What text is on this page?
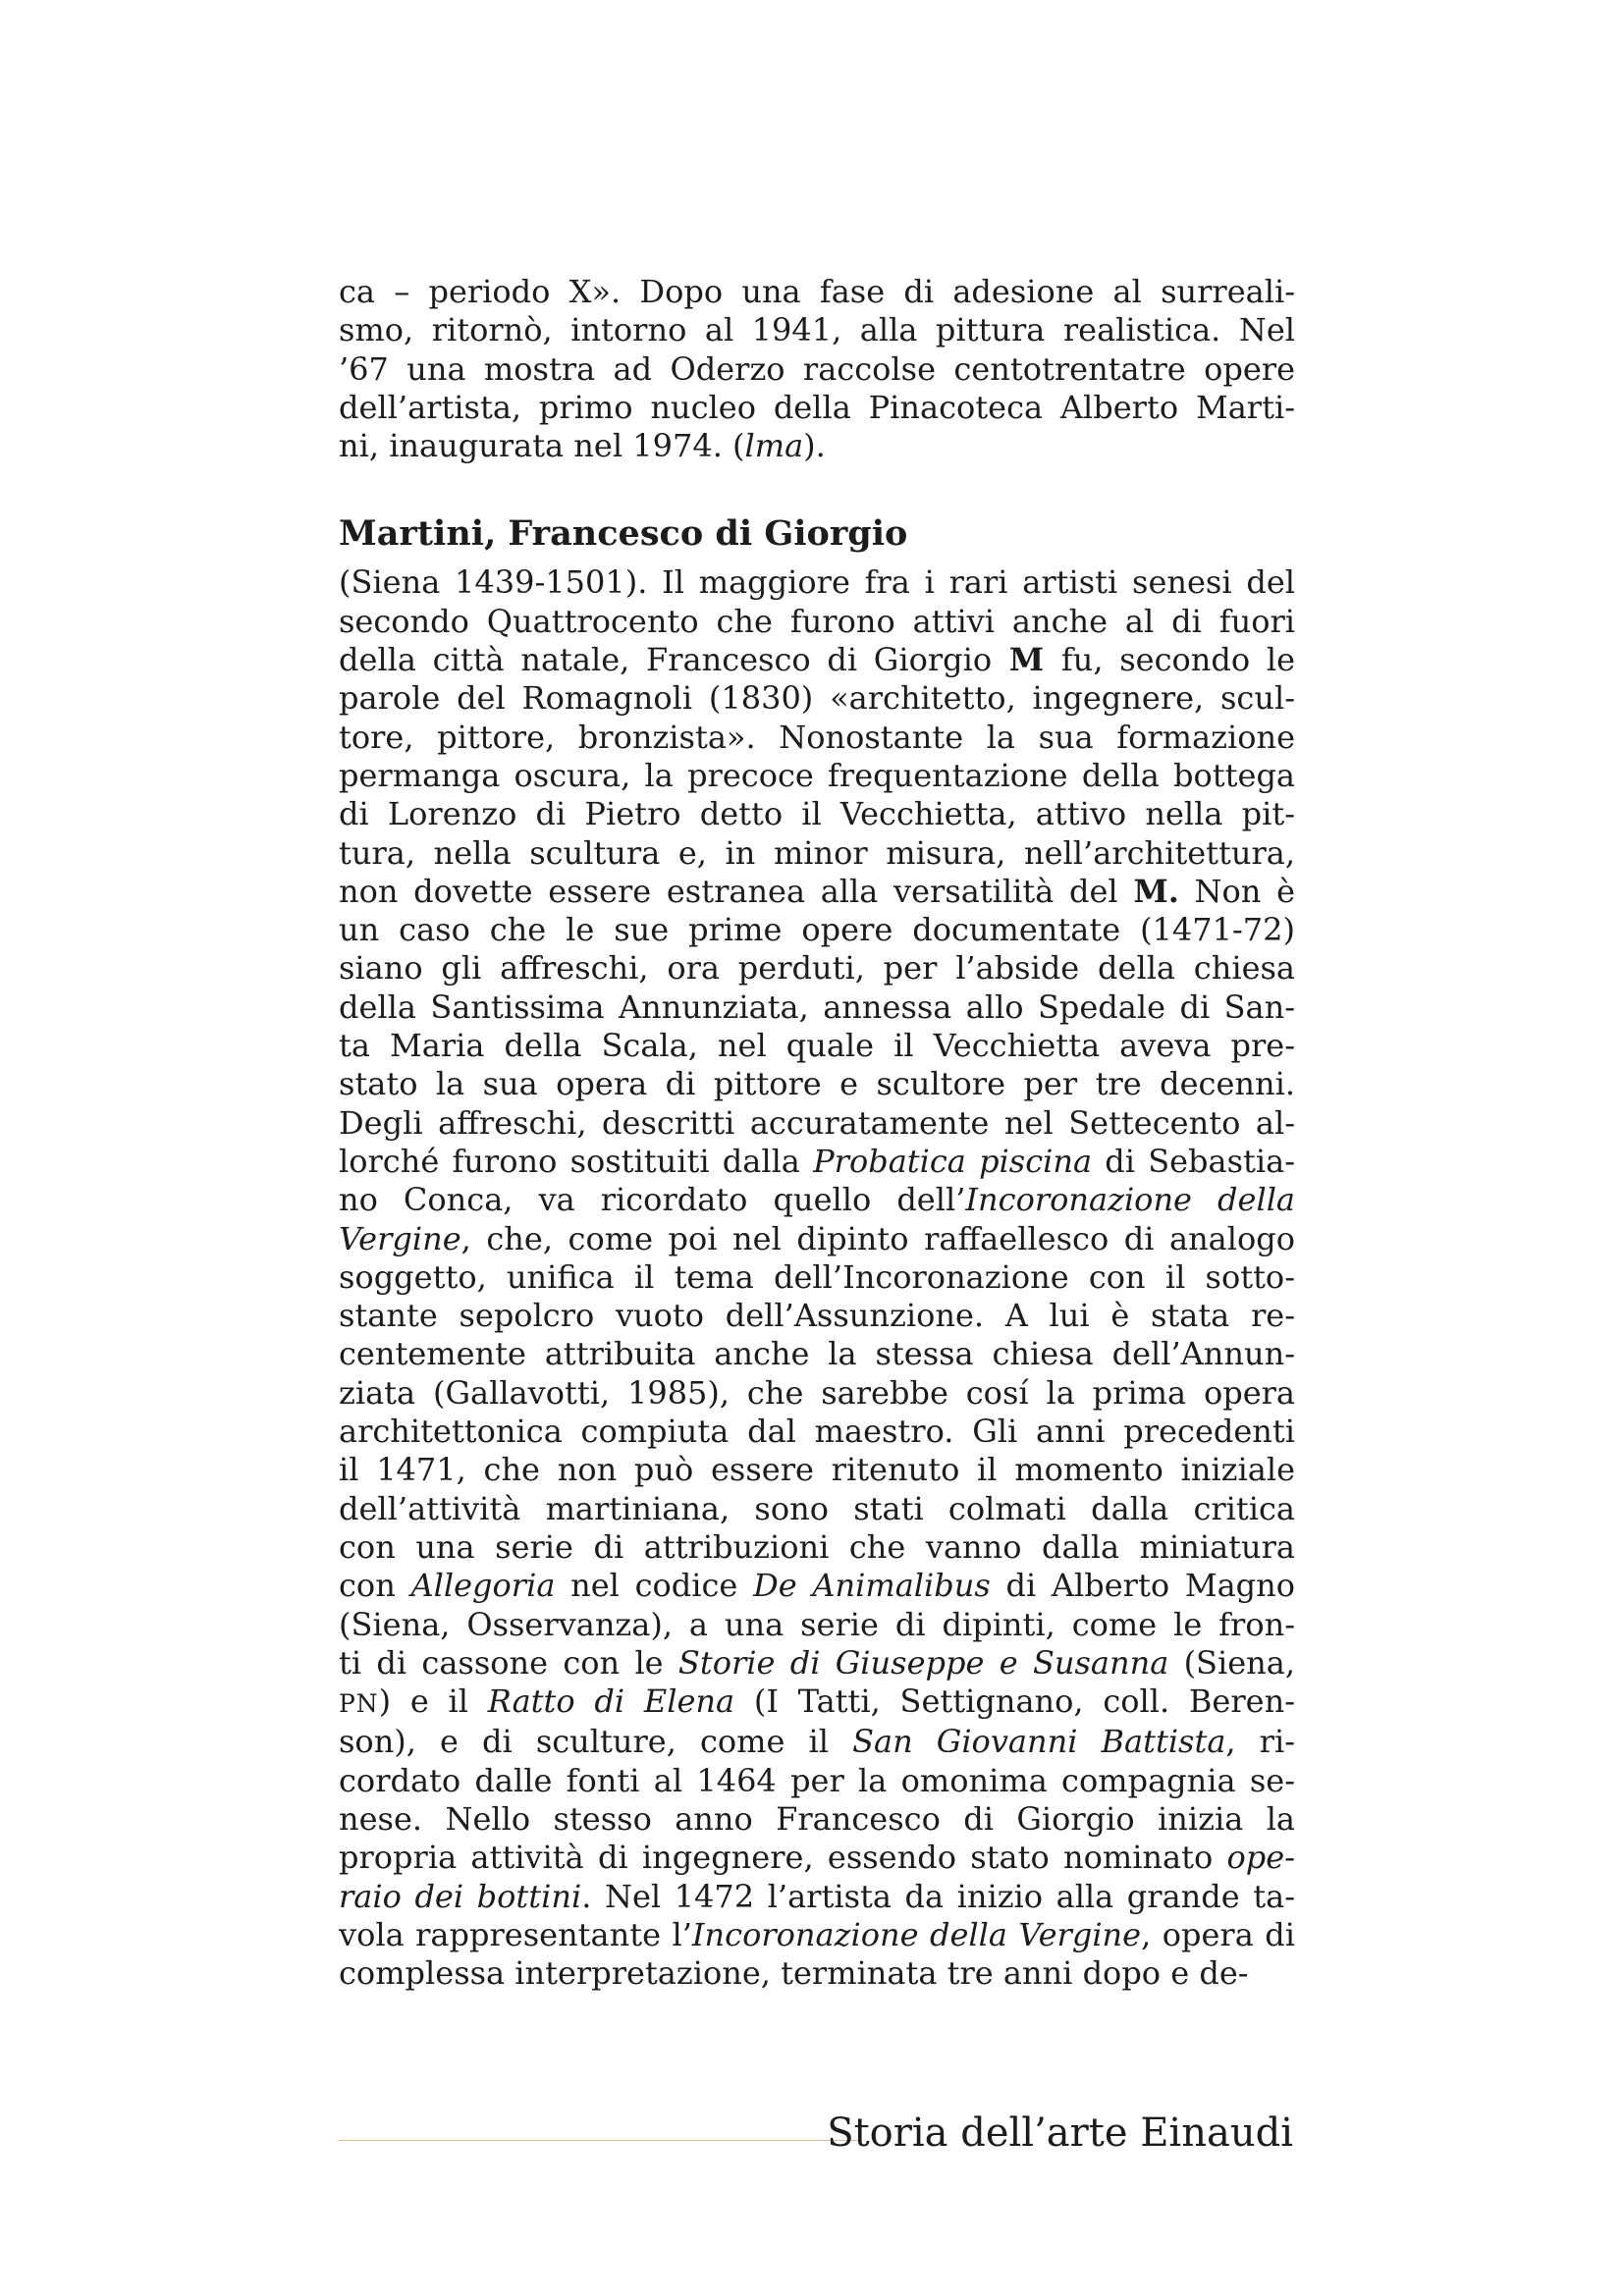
ca – periodo X». Dopo una fase di adesione al surreali-
smo, ritornò, intorno al 1941, alla pittura realistica. Nel
’67 una mostra ad Oderzo raccolse centotrentatre opere
dell’artista, primo nucleo della Pinacoteca Alberto Marti-
ni, inaugurata nel 1974. (lma).
Martini, Francesco di Giorgio
(Siena 1439-1501). Il maggiore fra i rari artisti senesi del
secondo Quattrocento che furono attivi anche al di fuori
della città natale, Francesco di Giorgio M fu, secondo le
parole del Romagnoli (1830) «architetto, ingegnere, scul-
tore, pittore, bronzista». Nonostante la sua formazione
permanga oscura, la precoce frequentazione della bottega
di Lorenzo di Pietro detto il Vecchietta, attivo nella pit-
tura, nella scultura e, in minor misura, nell’architettura,
non dovette essere estranea alla versatilità del M. Non è
un caso che le sue prime opere documentate (1471-72)
siano gli affreschi, ora perduti, per l’abside della chiesa
della Santissima Annunziata, annessa allo Spedale di San-
ta Maria della Scala, nel quale il Vecchietta aveva pre-
stato la sua opera di pittore e scultore per tre decenni.
Degli affreschi, descritti accuratamente nel Settecento al-
lorché furono sostituiti dalla Probatica piscina di Sebastia-
no Conca, va ricordato quello dell’Incoronazione della
Vergine, che, come poi nel dipinto raffaellesco di analogo
soggetto, unifica il tema dell’Incoronazione con il sotto-
stante sepolcro vuoto dell’Assunzione. A lui è stata re-
centemente attribuita anche la stessa chiesa dell’Annun-
ziata (Gallavotti, 1985), che sarebbe cosí la prima opera
architettonica compiuta dal maestro. Gli anni precedenti
il 1471, che non può essere ritenuto il momento iniziale
dell’attività martiniana, sono stati colmati dalla critica
con una serie di attribuzioni che vanno dalla miniatura
con Allegoria nel codice De Animalibus di Alberto Magno
(Siena, Osservanza), a una serie di dipinti, come le fron-
ti di cassone con le Storie di Giuseppe e Susanna (Siena,
PN) e il Ratto di Elena (I Tatti, Settignano, coll. Beren-
son), e di sculture, come il San Giovanni Battista, ri-
cordato dalle fonti al 1464 per la omonima compagnia se-
nese. Nello stesso anno Francesco di Giorgio inizia la
propria attività di ingegnere, essendo stato nominato ope-
raio dei bottini. Nel 1472 l’artista da inizio alla grande ta-
vola rappresentante l’Incoronazione della Vergine, opera di
complessa interpretazione, terminata tre anni dopo e de-
Storia dell’arte Einaudi
